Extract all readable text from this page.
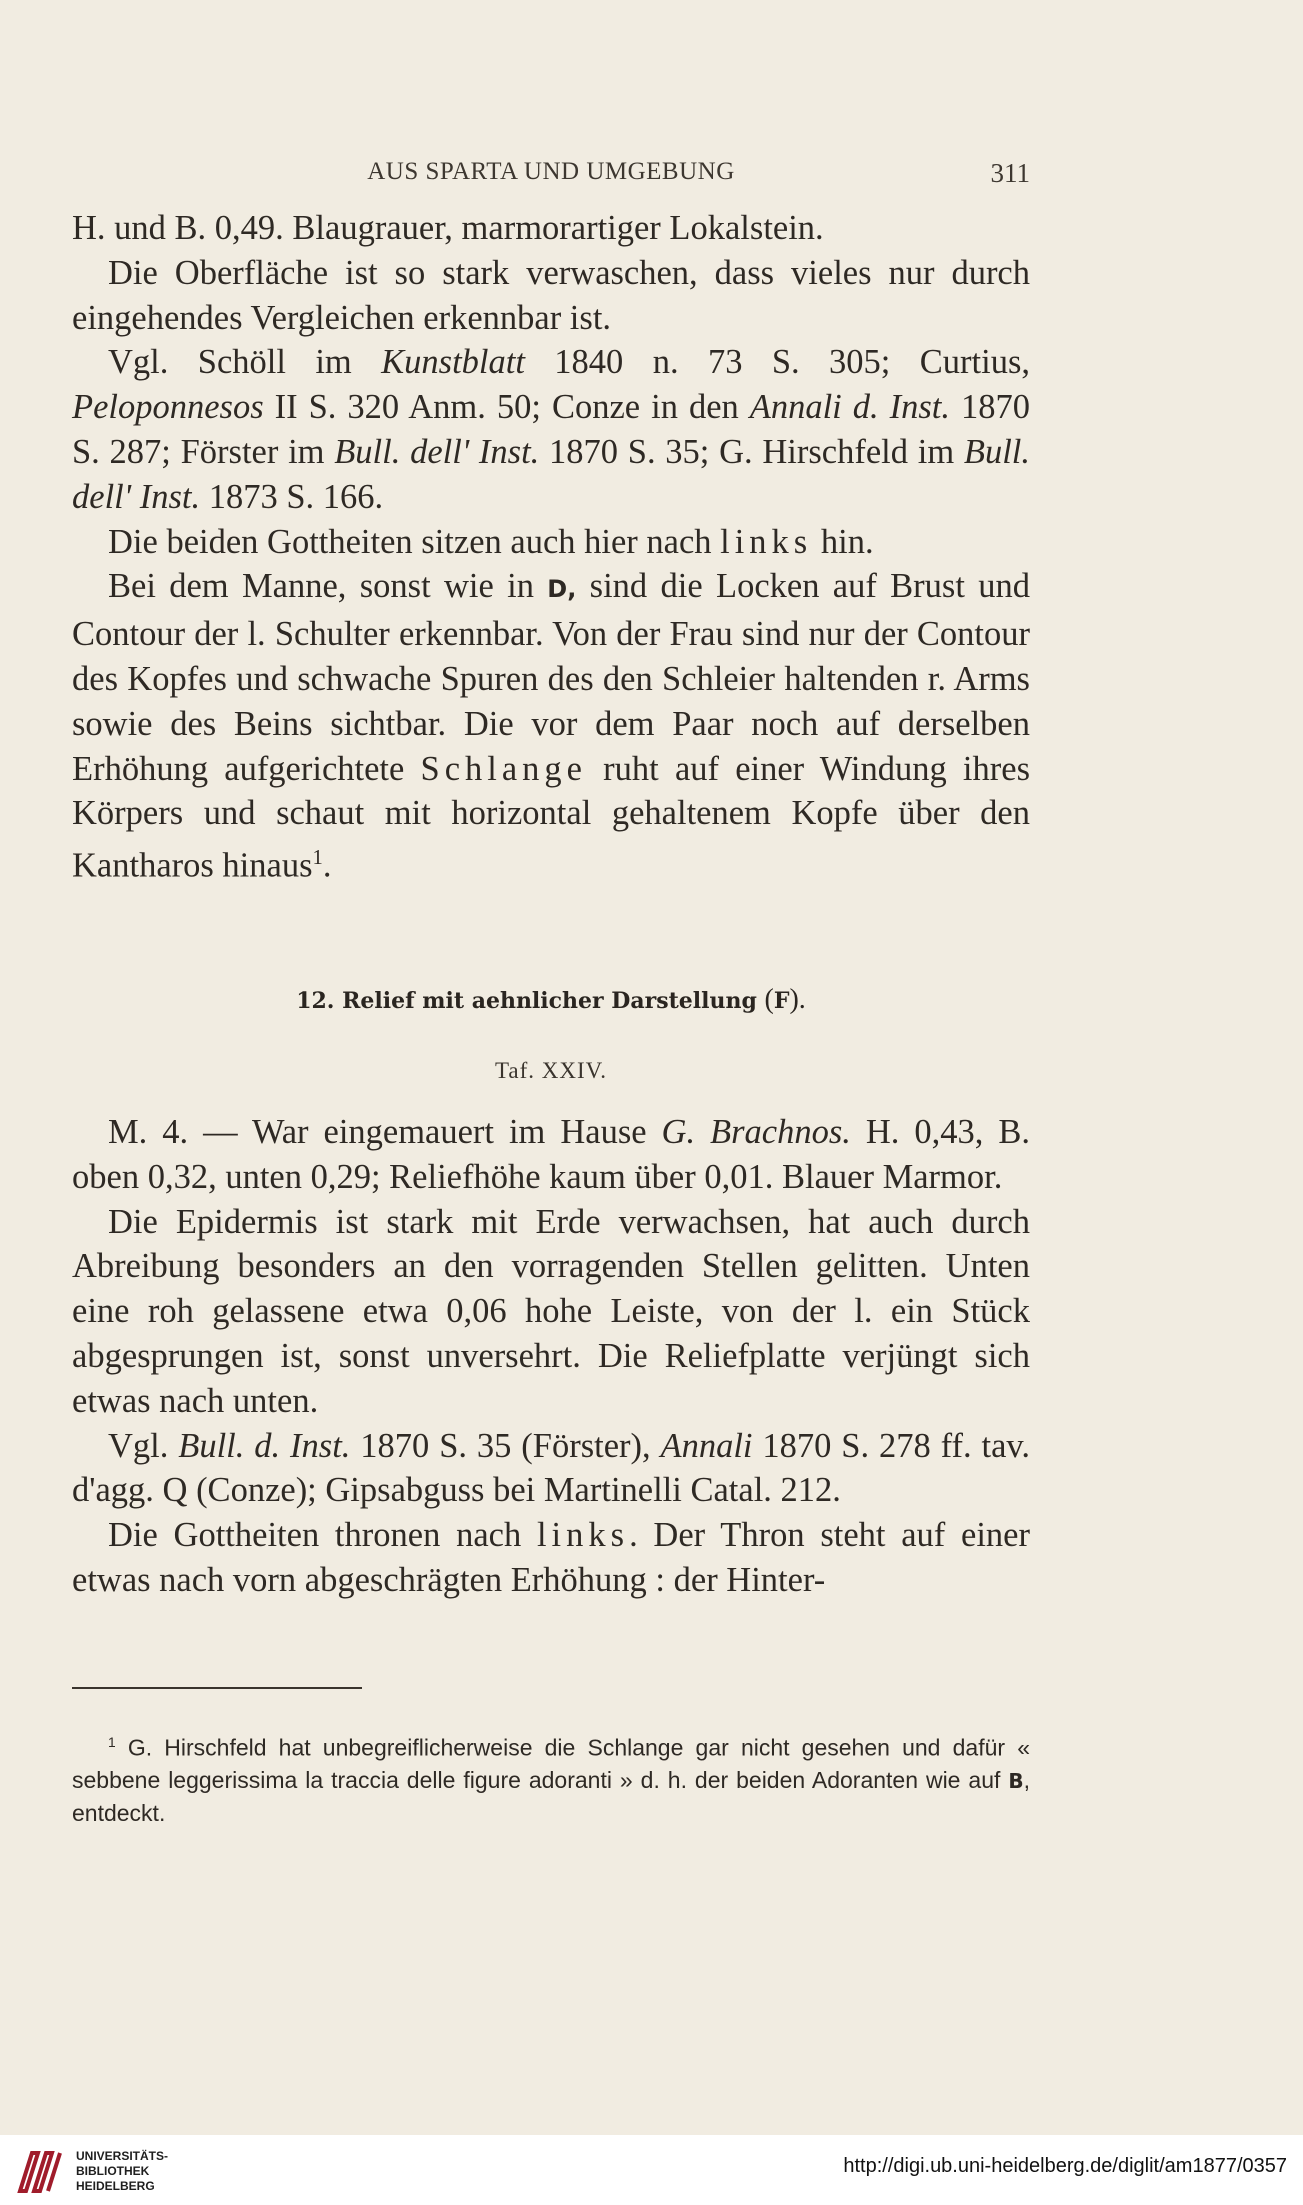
AUS SPARTA UND UMGEBUNG	311

H. und B. 0,49. Blaugrauer, marmorartiger Lokalstein.

Die Oberfläche ist so stark verwaschen, dass vieles nur durch eingehendes Vergleichen erkennbar ist.

Vgl. Schöll im Kunstblatt 1840 n. 73 S. 305; Curtius, Peloponnesos II S. 320 Anm. 50; Conze in den Annali d. Inst. 1870 S. 287; Förster im Bull. dell' Inst. 1870 S. 35; G. Hirschfeld im Bull. dell' Inst. 1873 S. 166.

Die beiden Gottheiten sitzen auch hier nach links hin.

Bei dem Manne, sonst wie in D, sind die Locken auf Brust und Contour der l. Schulter erkennbar. Von der Frau sind nur der Contour des Kopfes und schwache Spuren des den Schleier haltenden r. Arms sowie des Beins sichtbar. Die vor dem Paar noch auf derselben Erhöhung aufgerichtete Schlange ruht auf einer Windung ihres Körpers und schaut mit horizontal gehaltenem Kopfe über den Kantharos hinaus$^1$.

12. Relief mit aehnlicher Darstellung (F).
Taf. XXIV.

M. 4. — War eingemauert im Hause G. Brachnos. H. 0,43, B. oben 0,32, unten 0,29; Reliefhöhe kaum über 0,01. Blauer Marmor.

Die Epidermis ist stark mit Erde verwachsen, hat auch durch Abreibung besonders an den vorragenden Stellen gelitten. Unten eine roh gelassene etwa 0,06 hohe Leiste, von der l. ein Stück abgesprungen ist, sonst unversehrt. Die Reliefplatte verjüngt sich etwas nach unten.

Vgl. Bull. d. Inst. 1870 S. 35 (Förster), Annali 1870 S. 278 ff. tav. d'agg. Q (Conze); Gipsabguss bei Martinelli Catal. 212.

Die Gottheiten thronen nach links. Der Thron steht auf einer etwas nach vorn abgeschrägten Erhöhung : der Hinter-

$^1$ G. Hirschfeld hat unbegreiflicherweise die Schlange gar nicht gesehen und dafür « sebbene leggerissima la traccia delle figure adoranti » d. h. der beiden Adoranten wie auf B, entdeckt.

UNIVERSITÄTS-
BIBLIOTHEK
HEIDELBERG
http://digi.ub.uni-heidelberg.de/diglit/am1877/0357
